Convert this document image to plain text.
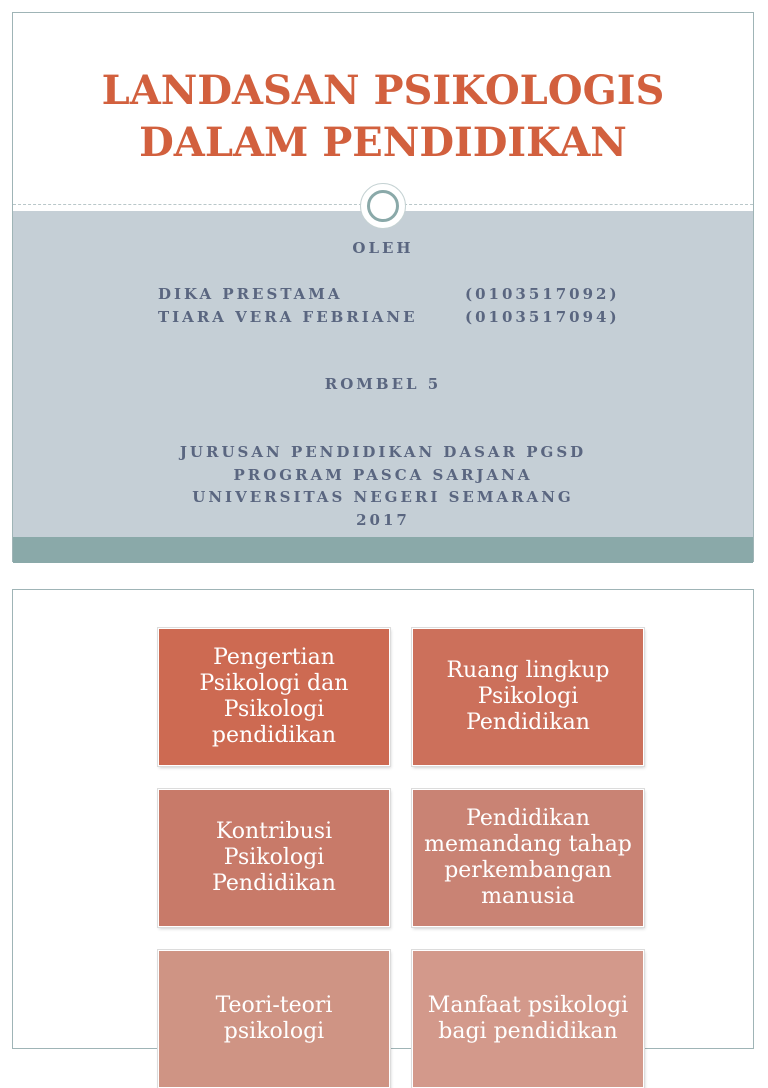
LANDASAN PSIKOLOGIS
DALAM PENDIDIKAN
OLEH
DIKA PRESTAMA	(0103517092)
TIARA VERA FEBRIANE	(0103517094)
ROMBEL 5
JURUSAN PENDIDIKAN DASAR PGSD
PROGRAM PASCA SARJANA
UNIVERSITAS NEGERI SEMARANG
2017
Pengertian
Psikologi dan
Psikologi
pendidikan
Ruang lingkup
Psikologi
Pendidikan
Kontribusi
Psikologi
Pendidikan
Pendidikan
memandang tahap
perkembangan
manusia
Teori-teori
psikologi
Manfaat psikologi
bagi pendidikan
